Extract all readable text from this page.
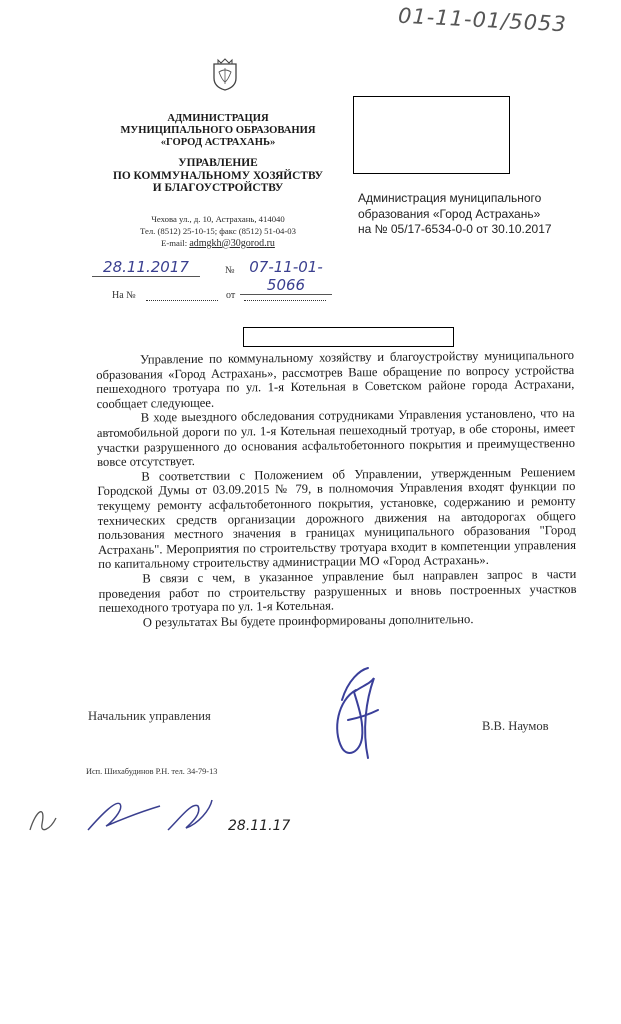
01-11-01/5053
АДМИНИСТРАЦИЯ
МУНИЦИПАЛЬНОГО ОБРАЗОВАНИЯ
«ГОРОД АСТРАХАНЬ»
УПРАВЛЕНИЕ
ПО КОММУНАЛЬНОМУ ХОЗЯЙСТВУ
И БЛАГОУСТРОЙСТВУ
Чехова ул., д. 10, Астрахань, 414040
Тел. (8512) 25-10-15; факс (8512) 51-04-03
E-mail: admgkh@30gorod.ru
28.11.2017	№ 07-11-01-5066
На №	от
Администрация муниципального
образования «Город Астрахань»
на № 05/17-6534-0-0 от 30.10.2017

Управление по коммунальному хозяйству и благоустройству муниципального образования «Город Астрахань», рассмотрев Ваше обращение по вопросу устройства пешеходного тротуара по ул. 1-я Котельная в Советском районе города Астрахани, сообщает следующее.

В ходе выездного обследования сотрудниками Управления установлено, что на автомобильной дороги по ул. 1-я Котельная пешеходный тротуар, в обе стороны, имеет участки разрушенного до основания асфальтобетонного покрытия и преимущественно вовсе отсутствует.

В соответствии с Положением об Управлении, утвержденным Решением Городской Думы от 03.09.2015 № 79, в полномочия Управления входят функции по текущему ремонту асфальтобетонного покрытия, установке, содержанию и ремонту технических средств организации дорожного движения на автодорогах общего пользования местного значения в границах муниципального образования "Город Астрахань". Мероприятия по строительству тротуара входит в компетенции управления по капитальному строительству администрации МО «Город Астрахань».

В связи с чем, в указанное управление был направлен запрос в части проведения работ по строительству разрушенных и вновь построенных участков пешеходного тротуара по ул. 1-я Котельная.

О результатах Вы будете проинформированы дополнительно.

Начальник управления
В.В. Наумов
Исп. Шихабудинов Р.Н. тел. 34-79-13
28.11.17
